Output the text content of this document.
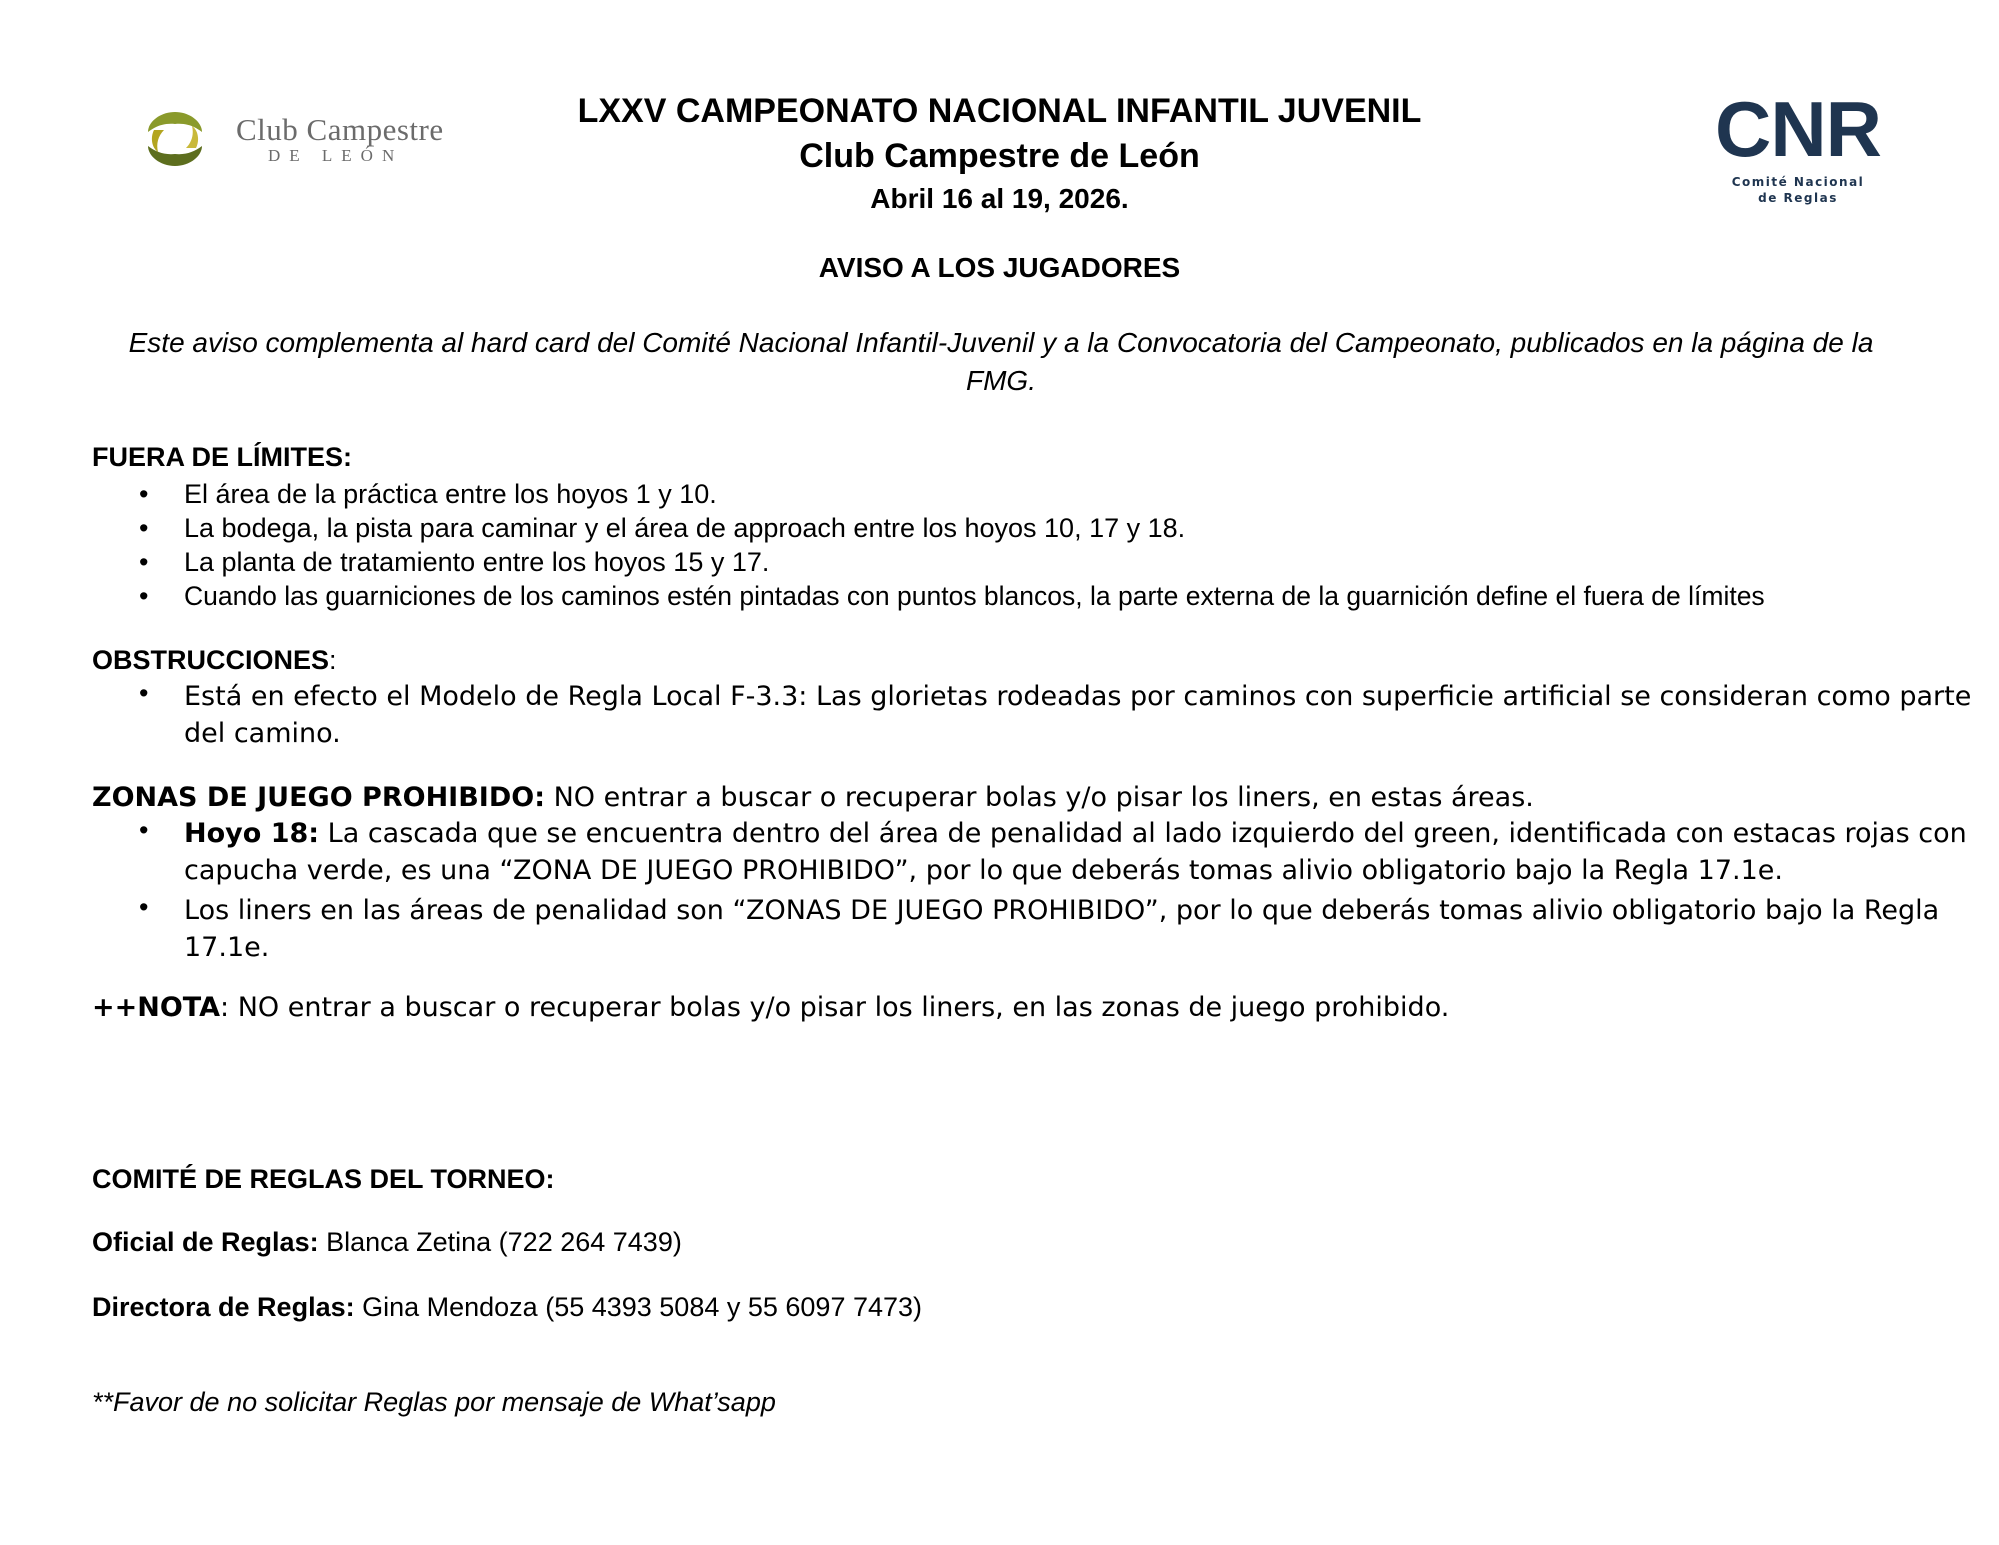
Club Campestre
DE LEÓN	CNR
Comité Nacional
de Reglas
LXXV CAMPEONATO NACIONAL INFANTIL JUVENIL
Club Campestre de León
Abril 16 al 19, 2026.
AVISO A LOS JUGADORES
Este aviso complementa al hard card del Comité Nacional Infantil-Juvenil y a la Convocatoria del Campeonato, publicados en la página de la FMG.
FUERA DE LÍMITES:
• El área de la práctica entre los hoyos 1 y 10.
• La bodega, la pista para caminar y el área de approach entre los hoyos 10, 17 y 18.
• La planta de tratamiento entre los hoyos 15 y 17.
• Cuando las guarniciones de los caminos estén pintadas con puntos blancos, la parte externa de la guarnición define el fuera de límites
OBSTRUCCIONES:
• Está en efecto el Modelo de Regla Local F-3.3: Las glorietas rodeadas por caminos con superficie artificial se consideran como parte
del camino.
ZONAS DE JUEGO PROHIBIDO: NO entrar a buscar o recuperar bolas y/o pisar los liners, en estas áreas.
• Hoyo 18: La cascada que se encuentra dentro del área de penalidad al lado izquierdo del green, identificada con estacas rojas con
capucha verde, es una “ZONA DE JUEGO PROHIBIDO”, por lo que deberás tomas alivio obligatorio bajo la Regla 17.1e.
• Los liners en las áreas de penalidad son “ZONAS DE JUEGO PROHIBIDO”, por lo que deberás tomas alivio obligatorio bajo la Regla
17.1e.
++NOTA: NO entrar a buscar o recuperar bolas y/o pisar los liners, en las zonas de juego prohibido.
COMITÉ DE REGLAS DEL TORNEO:
Oficial de Reglas: Blanca Zetina (722 264 7439)
Directora de Reglas: Gina Mendoza (55 4393 5084 y 55 6097 7473)
**Favor de no solicitar Reglas por mensaje de What’sapp
